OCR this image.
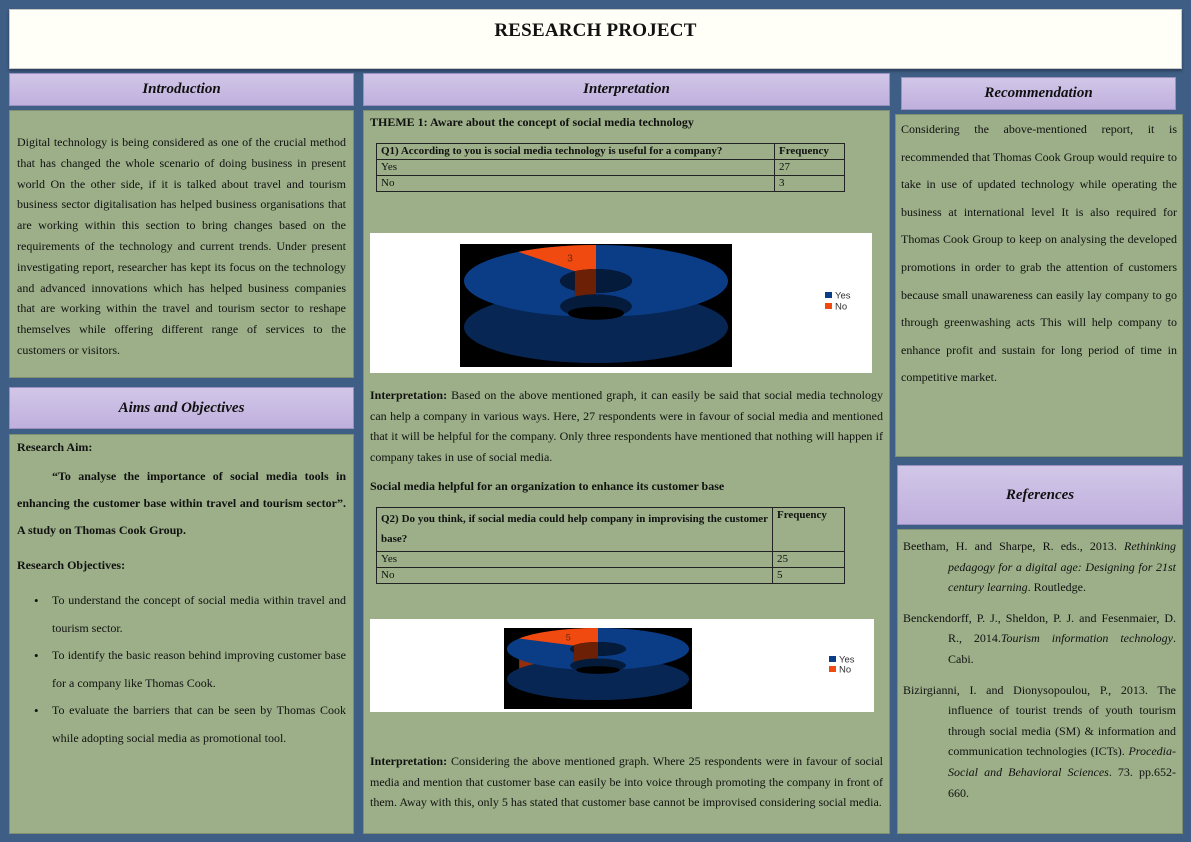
RESEARCH PROJECT
Introduction

Digital technology is being considered as one of the crucial method that has changed the whole scenario of doing business in present world On the other side, if it is talked about travel and tourism business sector digitalisation has helped business organisations that are working within this section to bring changes based on the requirements of the technology and current trends. Under present investigating report, researcher has kept its focus on the technology and advanced innovations which has helped business companies that are working within the travel and tourism sector to reshape themselves while offering different range of services to the customers or visitors.

Aims and Objectives

Research Aim:

“To analyse the importance of social media tools in enhancing the customer base within travel and tourism sector”. A study on Thomas Cook Group.

Research Objectives:

• To understand the concept of social media within travel and tourism sector.
• To identify the basic reason behind improving customer base for a company like Thomas Cook.
• To evaluate the barriers that can be seen by Thomas Cook while adopting social media as promotional tool.
Interpretation
THEME 1: Aware about the concept of social media technology
Q1) According to you is social media technology is useful for a company?	Frequency
Yes	27
No	3
3
Yes
No

Interpretation: Based on the above mentioned graph, it can easily be said that social media technology can help a company in various ways. Here, 27 respondents were in favour of social media and mentioned that it will be helpful for the company. Only three respondents have mentioned that nothing will happen if company takes in use of social media.

Social media helpful for an organization to enhance its customer base
Q2) Do you think, if social media could help company in improvising the customer base?	Frequency
Yes	25
No	5
5
Yes
No

Interpretation: Considering the above mentioned graph. Where 25 respondents were in favour of social media and mention that customer base can easily be into voice through promoting the company in front of them. Away with this, only 5 has stated that customer base cannot be improvised considering social media.

Recommendation

Considering the above-mentioned report, it is recommended that Thomas Cook Group would require to take in use of updated technology while operating the business at international level It is also required for Thomas Cook Group to keep on analysing the developed promotions in order to grab the attention of customers because small unawareness can easily lay company to go through greenwashing acts This will help company to enhance profit and sustain for long period of time in competitive market.

References

Beetham, H. and Sharpe, R. eds., 2013. Rethinking pedagogy for a digital age: Designing for 21st century learning. Routledge.

Benckendorff, P. J., Sheldon, P. J. and Fesenmaier, D. R., 2014.Tourism information technology. Cabi.

Bizirgianni, I. and Dionysopoulou, P., 2013. The influence of tourist trends of youth tourism through social media (SM) & information and communication technologies (ICTs). Procedia-Social and Behavioral Sciences. 73. pp.652-660.
